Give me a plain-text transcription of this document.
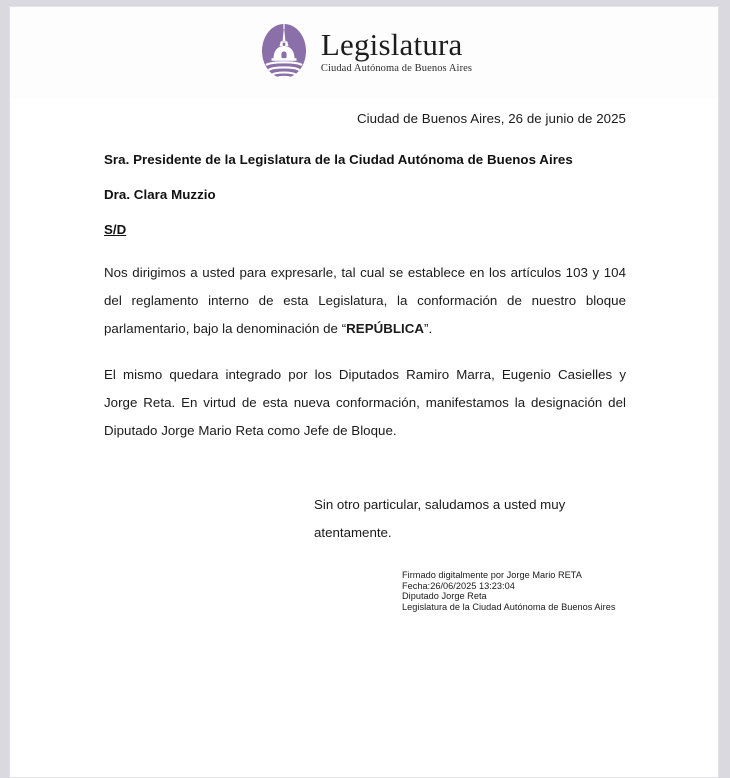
Legislatura
Ciudad Autónoma de Buenos Aires

Ciudad de Buenos Aires, 26 de junio de 2025

Sra. Presidente de la Legislatura de la Ciudad Autónoma de Buenos Aires

Dra. Clara Muzzio

S/D

Nos dirigimos a usted para expresarle, tal cual se establece en los artículos 103 y 104 del reglamento interno de esta Legislatura, la conformación de nuestro bloque parlamentario, bajo la denominación de “REPÚBLICA”.

El mismo quedara integrado por los Diputados Ramiro Marra, Eugenio Casielles y Jorge Reta. En virtud de esta nueva conformación, manifestamos la designación del Diputado Jorge Mario Reta como Jefe de Bloque.

Sin otro particular, saludamos a usted muy atentamente.

Firmado digitalmente por Jorge Mario RETA
Fecha:26/06/2025 13:23:04
Diputado Jorge Reta
Legislatura de la Ciudad Autónoma de Buenos Aires
